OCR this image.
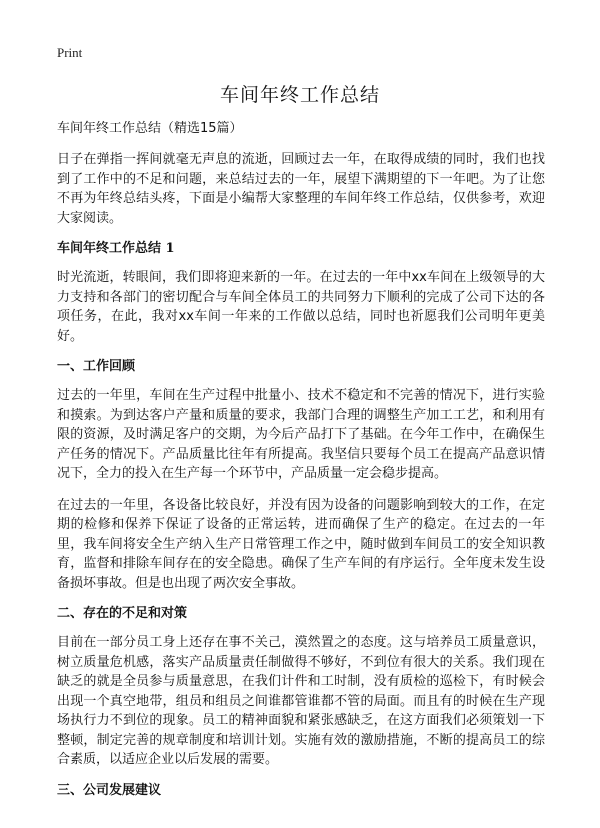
Print
车间年终工作总结
车间年终工作总结（精选15篇）

日子在弹指一挥间就毫无声息的流逝，回顾过去一年，在取得成绩的同时，我们也找到了工作中的不足和问题，来总结过去的一年，展望下满期望的下一年吧。为了让您不再为年终总结头疼，下面是小编帮大家整理的车间年终工作总结，仅供参考，欢迎大家阅读。

车间年终工作总结 1

时光流逝，转眼间，我们即将迎来新的一年。在过去的一年中xx车间在上级领导的大力支持和各部门的密切配合与车间全体员工的共同努力下顺利的完成了公司下达的各项任务，在此，我对xx车间一年来的工作做以总结，同时也祈愿我们公司明年更美好。

一、工作回顾

过去的一年里，车间在生产过程中批量小、技术不稳定和不完善的情况下，进行实验和摸索。为到达客户产量和质量的要求，我部门合理的调整生产加工工艺，和利用有限的资源，及时满足客户的交期，为今后产品打下了基础。在今年工作中，在确保生产任务的情况下。产品质量比往年有所提高。我坚信只要每个员工在提高产品意识情况下，全力的投入在生产每一个环节中，产品质量一定会稳步提高。

在过去的一年里，各设备比较良好，并没有因为设备的问题影响到较大的工作，在定期的检修和保养下保证了设备的正常运转，进而确保了生产的稳定。在过去的一年里，我车间将安全生产纳入生产日常管理工作之中，随时做到车间员工的安全知识教育，监督和排除车间存在的安全隐患。确保了生产车间的有序运行。全年度未发生设备损坏事故。但是也出现了两次安全事故。

二、存在的不足和对策

目前在一部分员工身上还存在事不关己，漠然置之的态度。这与培养员工质量意识，树立质量危机感，落实产品质量责任制做得不够好，不到位有很大的关系。我们现在缺乏的就是全员参与质量意思，在我们计件和工时制，没有质检的巡检下，有时候会出现一个真空地带，组员和组员之间谁都管谁都不管的局面。而且有的时候在生产现场执行力不到位的现象。员工的精神面貌和紧张感缺乏，在这方面我们必须策划一下整顿，制定完善的规章制度和培训计划。实施有效的激励措施，不断的提高员工的综合素质，以适应企业以后发展的需要。

三、公司发展建议
